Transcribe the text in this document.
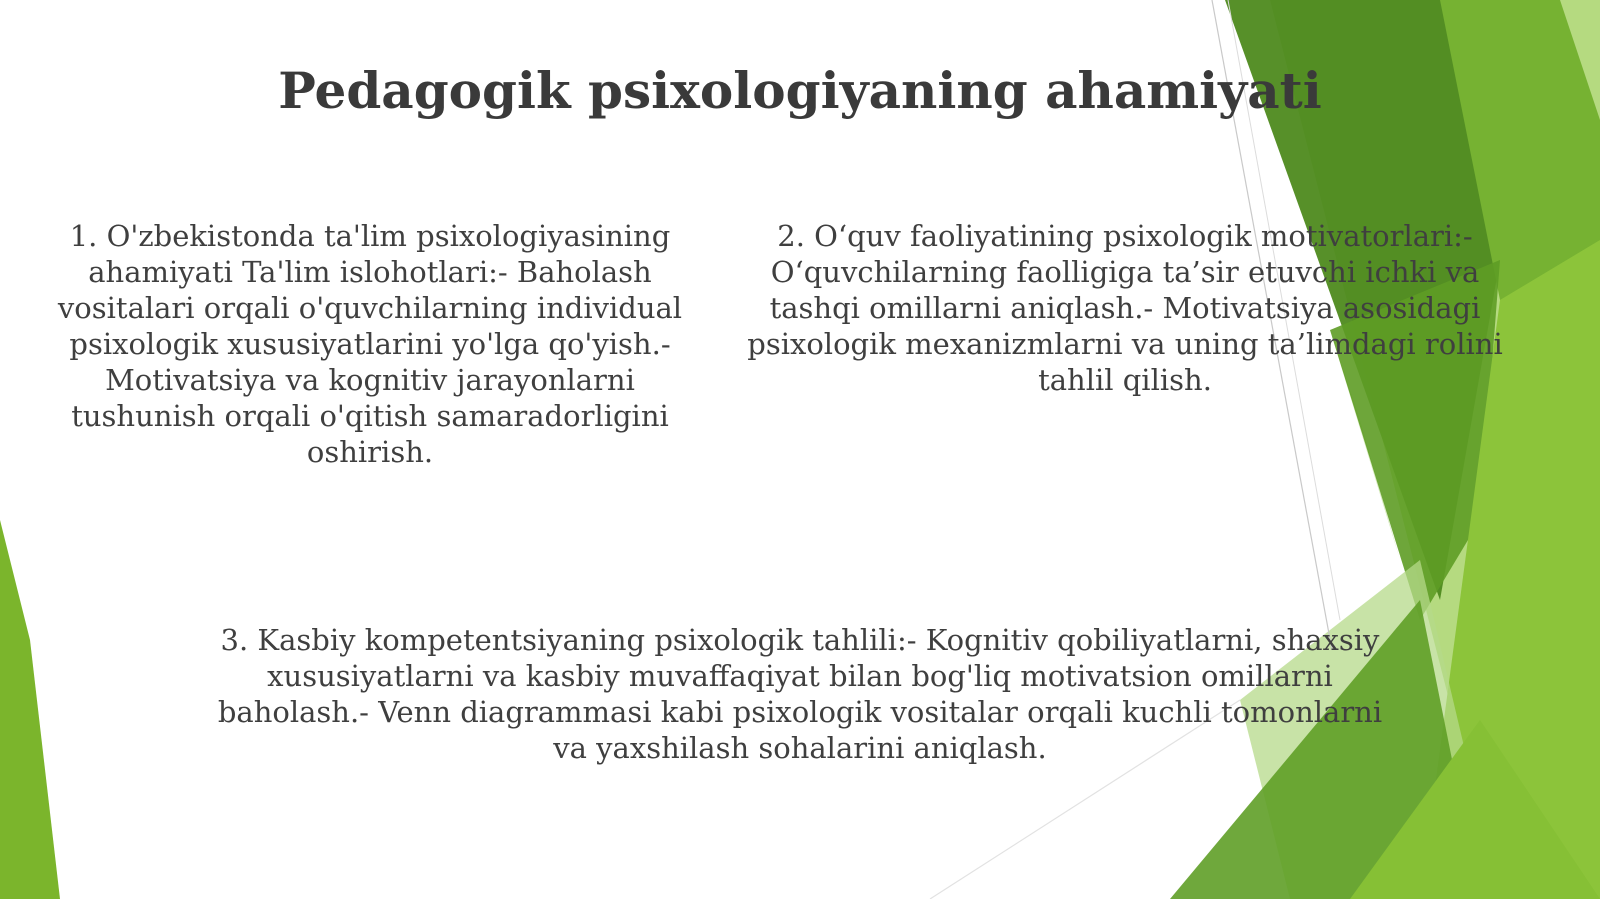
Pedagogik psixologiyaning ahamiyati

1. O'zbekistonda ta'lim psixologiyasining ahamiyati Ta'lim islohotlari:- Baholash vositalari orqali o'quvchilarning individual psixologik xususiyatlarini yo'lga qo'yish.- Motivatsiya va kognitiv jarayonlarni tushunish orqali o'qitish samaradorligini oshirish.

2. O‘quv faoliyatining psixologik motivatorlari:- O‘quvchilarning faolligiga ta’sir etuvchi ichki va tashqi omillarni aniqlash.- Motivatsiya asosidagi psixologik mexanizmlarni va uning ta’limdagi rolini tahlil qilish.

3. Kasbiy kompetentsiyaning psixologik tahlili:- Kognitiv qobiliyatlarni, shaxsiy xususiyatlarni va kasbiy muvaffaqiyat bilan bog'liq motivatsion omillarni baholash.- Venn diagrammasi kabi psixologik vositalar orqali kuchli tomonlarni va yaxshilash sohalarini aniqlash.
